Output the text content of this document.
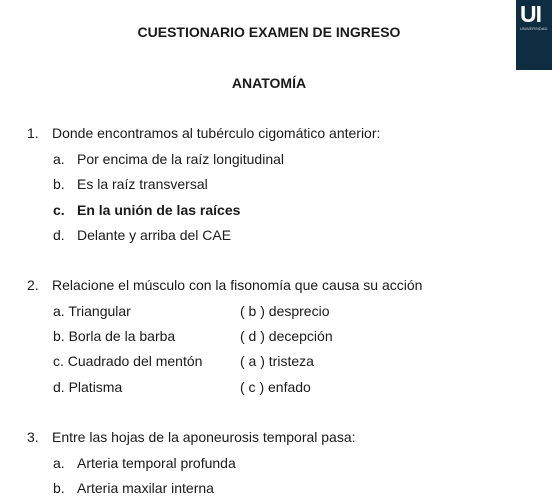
UI
UNIVERSIDAD
CUESTIONARIO EXAMEN DE INGRESO
ANATOMÍA
1. Donde encontramos al tubérculo cigomático anterior:
a. Por encima de la raíz longitudinal
b. Es la raíz transversal
c. En la unión de las raíces
d. Delante y arriba del CAE
2. Relacione el músculo con la fisonomía que causa su acción
a. Triangular	( b ) desprecio
b. Borla de la barba	( d ) decepción
c. Cuadrado del mentón	( a ) tristeza
d. Platisma	( c ) enfado
3. Entre las hojas de la aponeurosis temporal pasa:
a. Arteria temporal profunda
b. Arteria maxilar interna
